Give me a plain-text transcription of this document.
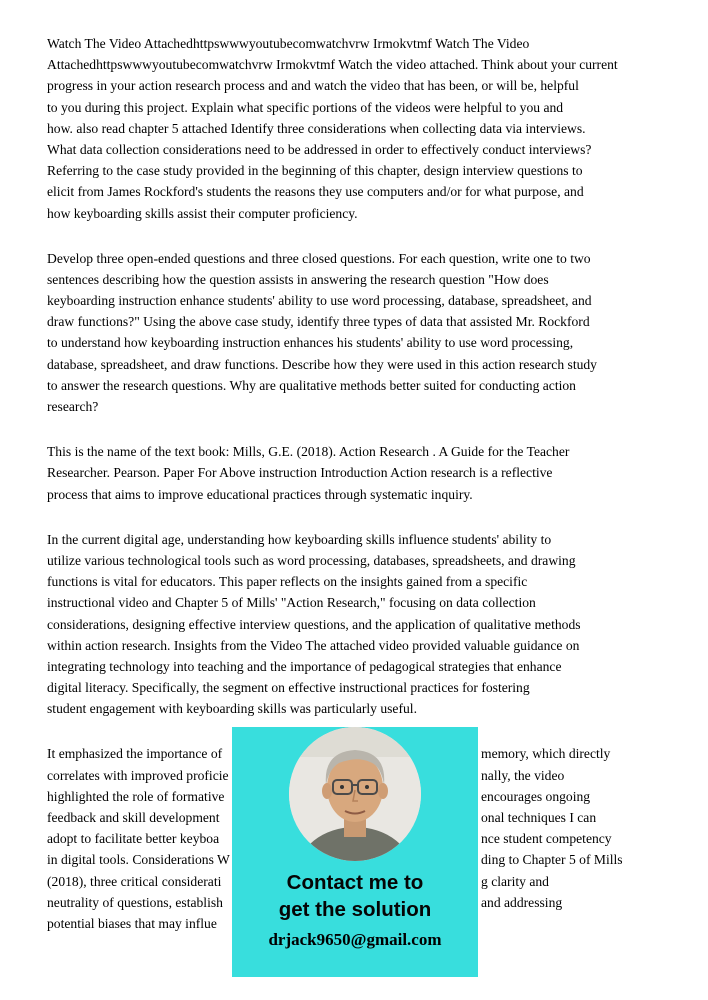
Watch The Video Attachedhttpswwwyoutubecomwatchvrw Irmokvtmf Watch The Video
Attachedhttpswwwyoutubecomwatchvrw Irmokvtmf Watch the video attached. Think about your current
progress in your action research process and and watch the video that has been, or will be, helpful
to you during this project. Explain what specific portions of the videos were helpful to you and
how. also read chapter 5 attached Identify three considerations when collecting data via interviews.
What data collection considerations need to be addressed in order to effectively conduct interviews?
Referring to the case study provided in the beginning of this chapter, design interview questions to
elicit from James Rockford's students the reasons they use computers and/or for what purpose, and
how keyboarding skills assist their computer proficiency.
Develop three open-ended questions and three closed questions. For each question, write one to two
sentences describing how the question assists in answering the research question "How does
keyboarding instruction enhance students' ability to use word processing, database, spreadsheet, and
draw functions?" Using the above case study, identify three types of data that assisted Mr. Rockford
to understand how keyboarding instruction enhances his students' ability to use word processing,
database, spreadsheet, and draw functions. Describe how they were used in this action research study
to answer the research questions. Why are qualitative methods better suited for conducting action
research?
This is the name of the text book: Mills, G.E. (2018). Action Research . A Guide for the Teacher
Researcher. Pearson. Paper For Above instruction Introduction Action research is a reflective
process that aims to improve educational practices through systematic inquiry.
In the current digital age, understanding how keyboarding skills influence students' ability to
utilize various technological tools such as word processing, databases, spreadsheets, and drawing
functions is vital for educators. This paper reflects on the insights gained from a specific
instructional video and Chapter 5 of Mills' "Action Research," focusing on data collection
considerations, designing effective interview questions, and the application of qualitative methods
within action research. Insights from the Video The attached video provided valuable guidance on
integrating technology into teaching and the importance of pedagogical strategies that enhance
digital literacy. Specifically, the segment on effective instructional practices for fostering
student engagement with keyboarding skills was particularly useful.
It emphasized the importance of	memory, which directly
correlates with improved proficie	nally, the video
highlighted the role of formative	encourages ongoing
feedback and skill development	onal techniques I can
adopt to facilitate better keyboa	nce student competency
in digital tools. Considerations W	ding to Chapter 5 of Mills
(2018), three critical considerati	g clarity and
neutrality of questions, establish	and addressing
potential biases that may influe
Contact me to
get the solution
drjack9650@gmail.com
